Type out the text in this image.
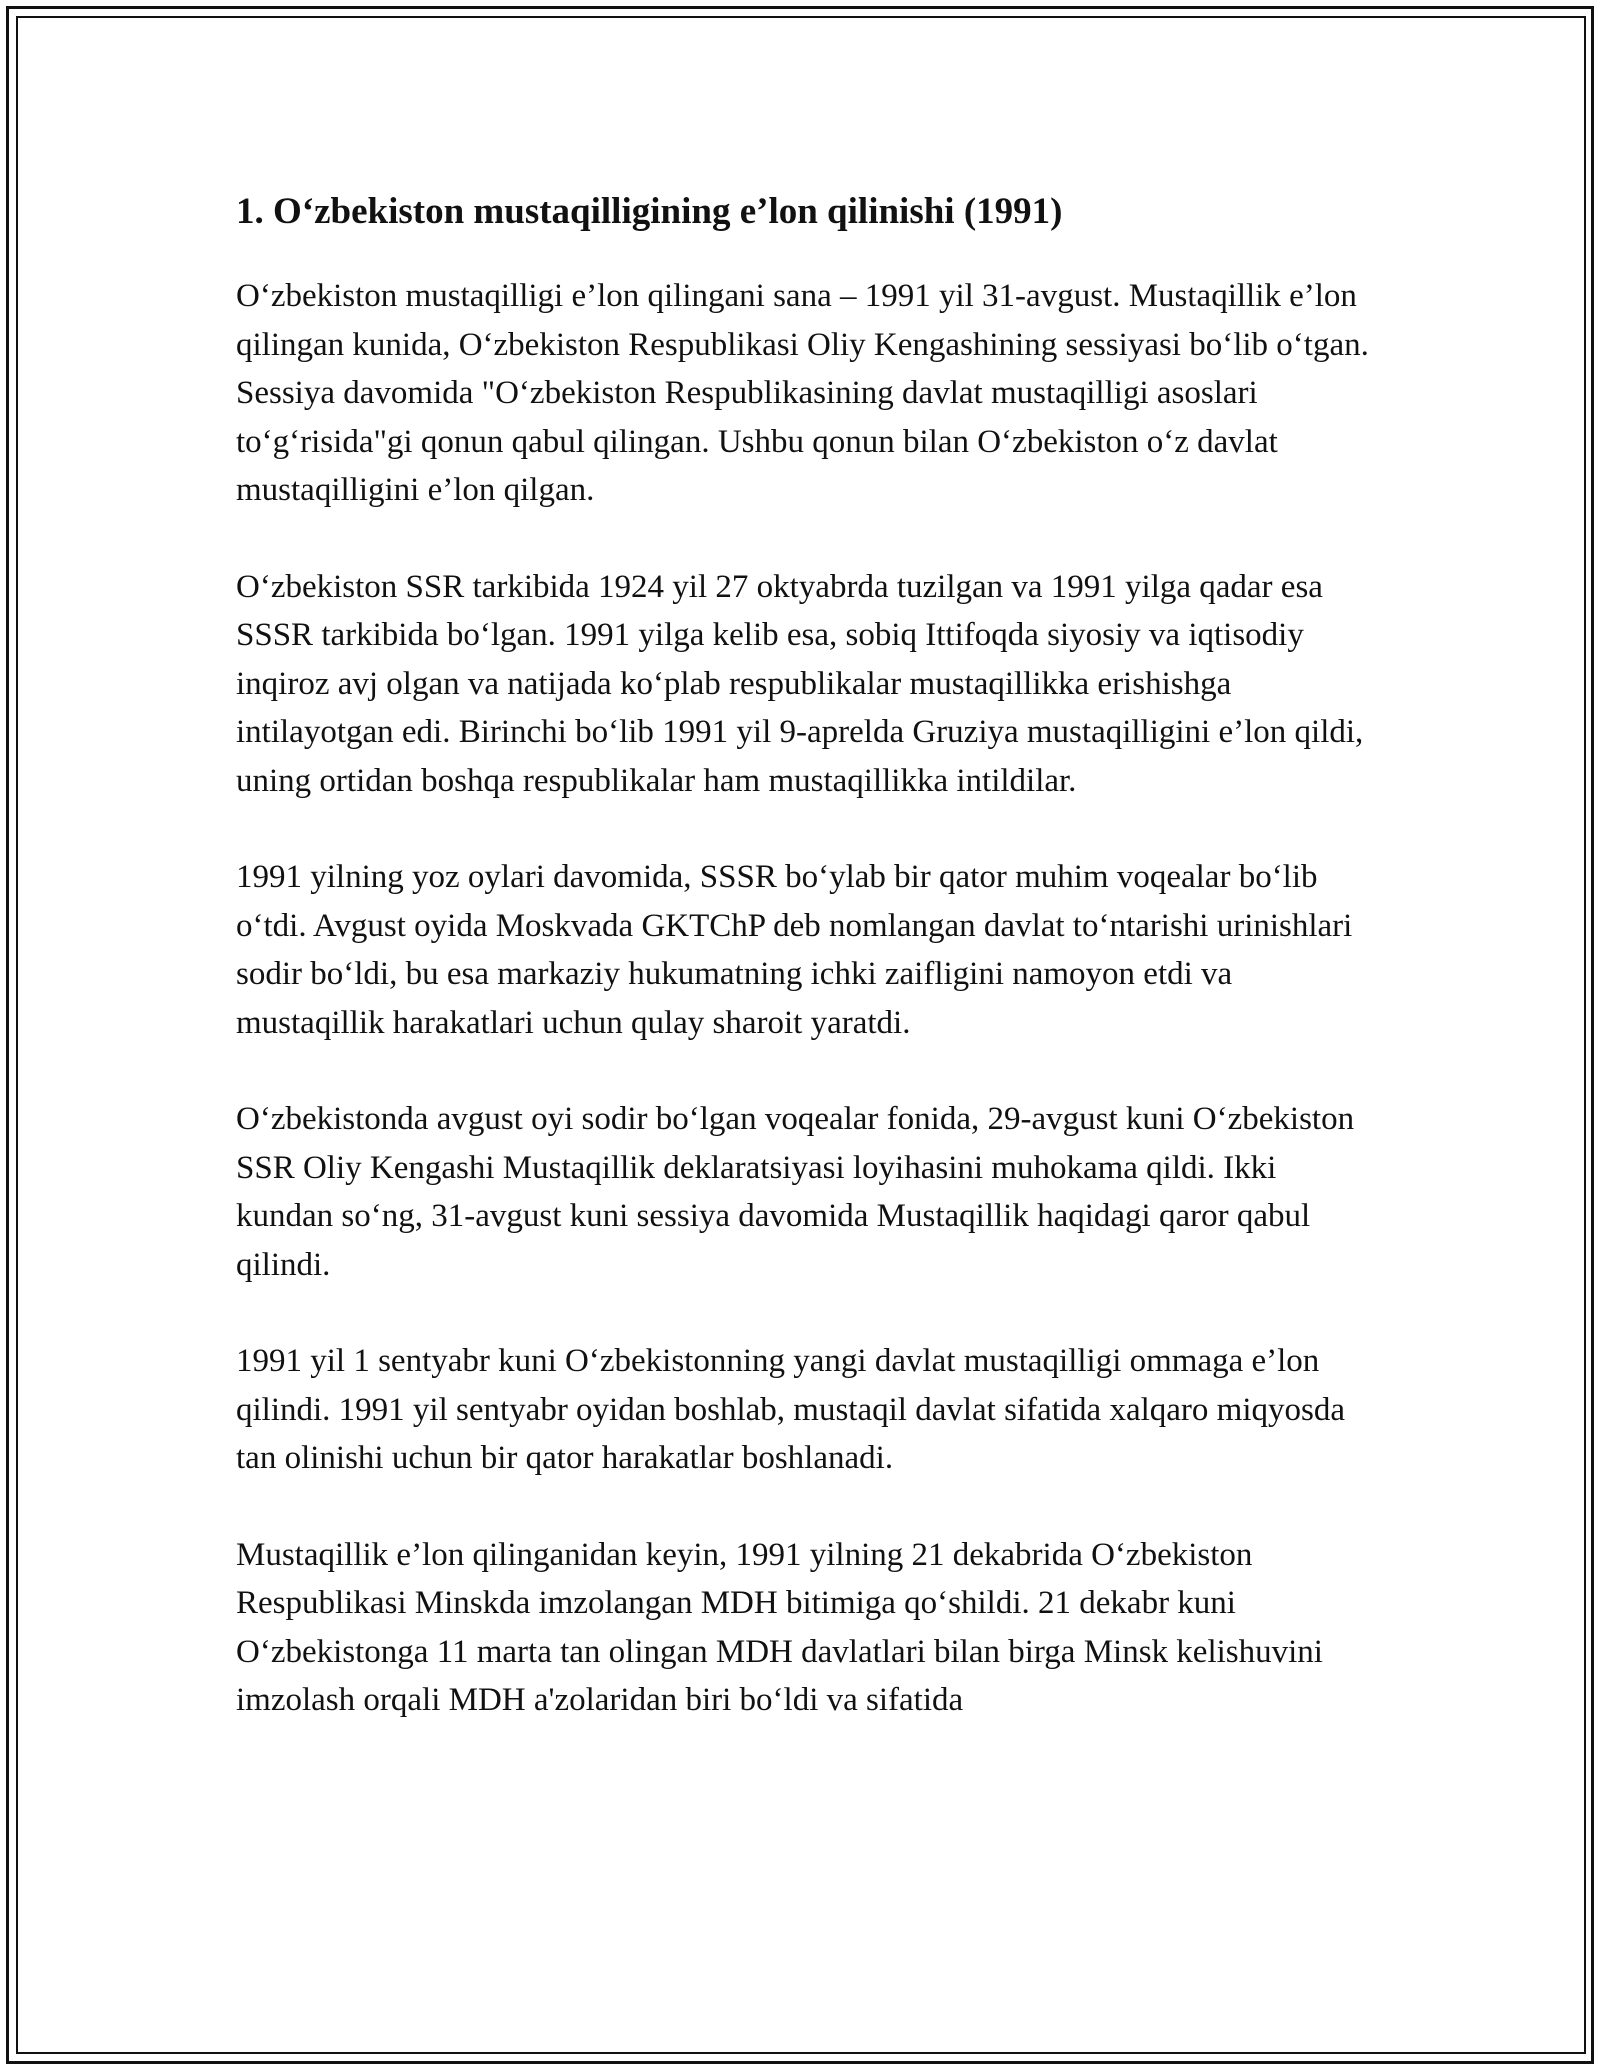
1. O‘zbekiston mustaqilligining e’lon qilinishi (1991)

O‘zbekiston mustaqilligi e’lon qilingani sana – 1991 yil 31-avgust. Mustaqillik e’lon qilingan kunida, O‘zbekiston Respublikasi Oliy Kengashining sessiyasi bo‘lib o‘tgan. Sessiya davomida "O‘zbekiston Respublikasining davlat mustaqilligi asoslari to‘g‘risida"gi qonun qabul qilingan. Ushbu qonun bilan O‘zbekiston o‘z davlat mustaqilligini e’lon qilgan.

O‘zbekiston SSR tarkibida 1924 yil 27 oktyabrda tuzilgan va 1991 yilga qadar esa SSSR tarkibida bo‘lgan. 1991 yilga kelib esa, sobiq Ittifoqda siyosiy va iqtisodiy inqiroz avj olgan va natijada ko‘plab respublikalar mustaqillikka erishishga intilayotgan edi. Birinchi bo‘lib 1991 yil 9-aprelda Gruziya mustaqilligini e’lon qildi, uning ortidan boshqa respublikalar ham mustaqillikka intildilar.

1991 yilning yoz oylari davomida, SSSR bo‘ylab bir qator muhim voqealar bo‘lib o‘tdi. Avgust oyida Moskvada GKTChP deb nomlangan davlat to‘ntarishi urinishlari sodir bo‘ldi, bu esa markaziy hukumatning ichki zaifligini namoyon etdi va mustaqillik harakatlari uchun qulay sharoit yaratdi.

O‘zbekistonda avgust oyi sodir bo‘lgan voqealar fonida, 29-avgust kuni O‘zbekiston SSR Oliy Kengashi Mustaqillik deklaratsiyasi loyihasini muhokama qildi. Ikki kundan so‘ng, 31-avgust kuni sessiya davomida Mustaqillik haqidagi qaror qabul qilindi.

1991 yil 1 sentyabr kuni O‘zbekistonning yangi davlat mustaqilligi ommaga e’lon qilindi. 1991 yil sentyabr oyidan boshlab, mustaqil davlat sifatida xalqaro miqyosda tan olinishi uchun bir qator harakatlar boshlanadi.

Mustaqillik e’lon qilinganidan keyin, 1991 yilning 21 dekabrida O‘zbekiston Respublikasi Minskda imzolangan MDH bitimiga qo‘shildi. 21 dekabr kuni O‘zbekistonga 11 marta tan olingan MDH davlatlari bilan birga Minsk kelishuvini imzolash orqali MDH a'zolaridan biri bo‘ldi va sifatida
